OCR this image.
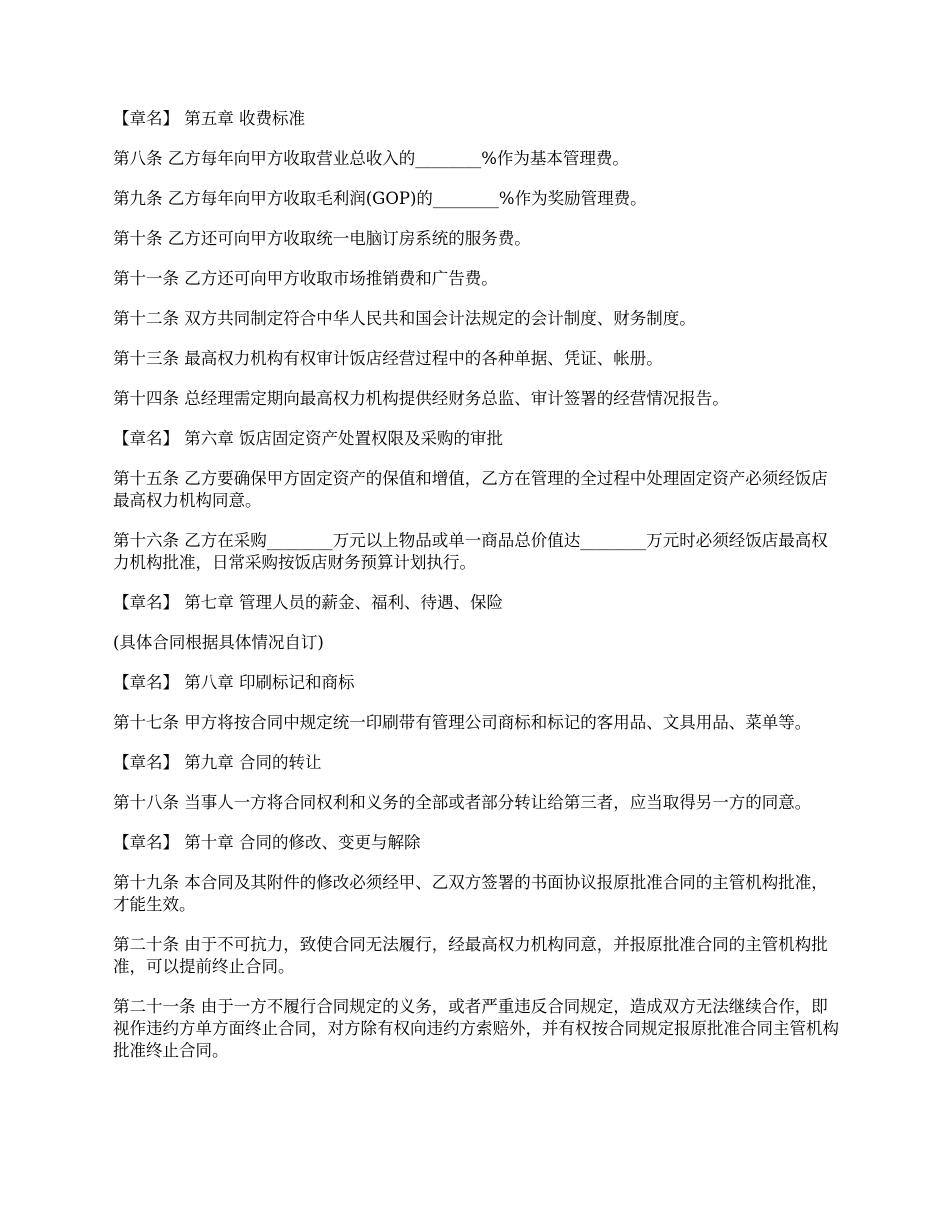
【章名】 第五章 收费标准

第八条 乙方每年向甲方收取营业总收入的________%作为基本管理费。

第九条 乙方每年向甲方收取毛利润(GOP)的________%作为奖励管理费。

第十条 乙方还可向甲方收取统一电脑订房系统的服务费。

第十一条 乙方还可向甲方收取市场推销费和广告费。

第十二条 双方共同制定符合中华人民共和国会计法规定的会计制度、财务制度。

第十三条 最高权力机构有权审计饭店经营过程中的各种单据、凭证、帐册。

第十四条 总经理需定期向最高权力机构提供经财务总监、审计签署的经营情况报告。

【章名】 第六章 饭店固定资产处置权限及采购的审批

第十五条 乙方要确保甲方固定资产的保值和增值，乙方在管理的全过程中处理固定资产必须经饭店最高权力机构同意。

第十六条 乙方在采购________万元以上物品或单一商品总价值达________万元时必须经饭店最高权力机构批准，日常采购按饭店财务预算计划执行。

【章名】 第七章 管理人员的薪金、福利、待遇、保险

(具体合同根据具体情况自订)

【章名】 第八章 印刷标记和商标

第十七条 甲方将按合同中规定统一印刷带有管理公司商标和标记的客用品、文具用品、菜单等。

【章名】 第九章 合同的转让

第十八条 当事人一方将合同权利和义务的全部或者部分转让给第三者，应当取得另一方的同意。

【章名】 第十章 合同的修改、变更与解除

第十九条 本合同及其附件的修改必须经甲、乙双方签署的书面协议报原批准合同的主管机构批准，才能生效。

第二十条 由于不可抗力，致使合同无法履行，经最高权力机构同意，并报原批准合同的主管机构批准，可以提前终止合同。

第二十一条 由于一方不履行合同规定的义务，或者严重违反合同规定，造成双方无法继续合作，即视作违约方单方面终止合同，对方除有权向违约方索赔外，并有权按合同规定报原批准合同主管机构批准终止合同。
